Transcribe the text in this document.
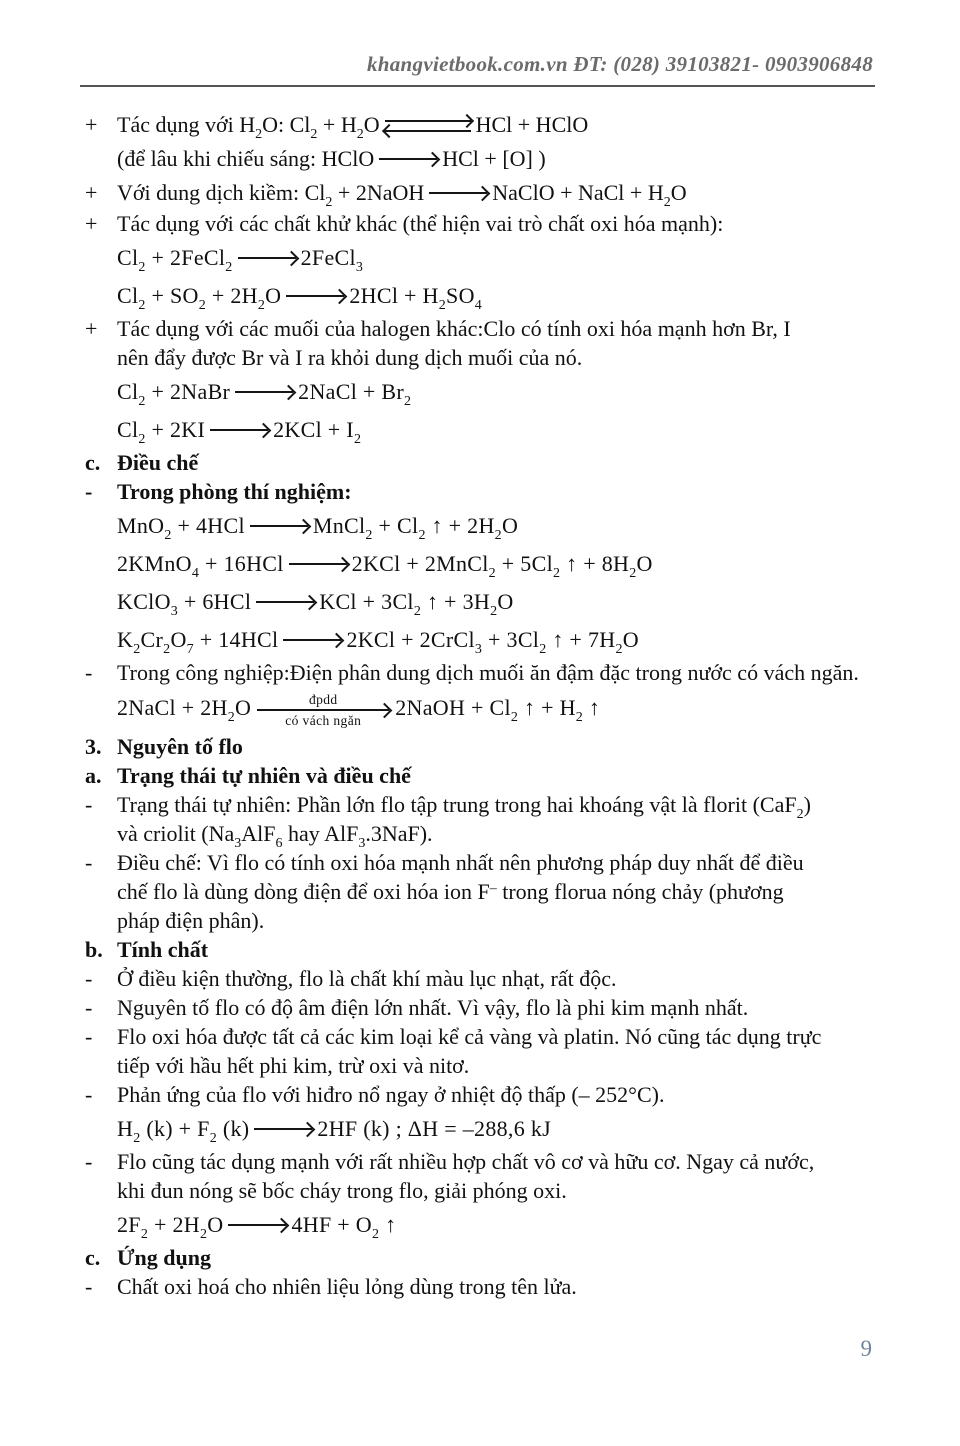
khangvietbook.com.vn ĐT: (028) 39103821- 0903906848
+ Tác dụng với $H_2O$: $Cl_2 + H_2O$	HCl + HClO
(để lâu khi chiếu sáng: HClO	HCl + [O] )
+ Với dung dịch kiềm: $Cl_2$ + 2NaOH	NaClO + NaCl + $H_2O$
+ Tác dụng với các chất khử khác (thể hiện vai trò chất oxi hóa mạnh):
$Cl_2$ + 2FeCl$_2$	2FeCl$_3$
$Cl_2 + SO_2 + 2H_2O$	$2HCl + H_2SO_4$
+ Tác dụng với các muối của halogen khác:Clo có tính oxi hóa mạnh hơn Br, I
nên đẩy được Br và I ra khỏi dung dịch muối của nó.
$Cl_2$ + 2NaBr	2NaCl + $Br_2$
$Cl_2 + 2KI$	$2KCl + I_2$
c. Điều chế
- Trong phòng thí nghiệm:
MnO$_2$ + 4HCl	MnCl$_2$ + $Cl_2$ ↑ + $2H_2O$
2KMnO$_4$ + 16HCl	2KCl + 2MnCl$_2$ + $5Cl_2$ ↑ + $8H_2O$
KClO$_3$ + 6HCl	KCl + $3Cl_2$ ↑ + $3H_2O$
$K_2Cr_2O_7 + 14HCl$	2KCl + 2CrCl$_3$ + $3Cl_2$ ↑ + $7H_2O$
- Trong công nghiệp:Điện phân dung dịch muối ăn đậm đặc trong nước có vách ngăn.
2NaCl + $2H_2O$	đpdd
có vách ngăn
2NaOH + $Cl_2$ ↑ + $H_2$ ↑
3. Nguyên tố flo
a. Trạng thái tự nhiên và điều chế
- Trạng thái tự nhiên: Phần lớn flo tập trung trong hai khoáng vật là florit (CaF$_2$)
và criolit ($Na_3AlF_6$ hay AlF$_3$.3NaF).
- Điều chế: Vì flo có tính oxi hóa mạnh nhất nên phương pháp duy nhất để điều
chế flo là dùng dòng điện để oxi hóa ion F– trong florua nóng chảy (phương
pháp điện phân).
b. Tính chất
- Ở điều kiện thường, flo là chất khí màu lục nhạt, rất độc.
- Nguyên tố flo có độ âm điện lớn nhất. Vì vậy, flo là phi kim mạnh nhất.
- Flo oxi hóa được tất cả các kim loại kể cả vàng và platin. Nó cũng tác dụng trực
tiếp với hầu hết phi kim, trừ oxi và nitơ.
- Phản ứng của flo với hiđro nổ ngay ở nhiệt độ thấp (– 252°C).
$H_2$ $(k) + F_2$ (k)	2HF (k) ; ΔH = –288,6 kJ
- Flo cũng tác dụng mạnh với rất nhiều hợp chất vô cơ và hữu cơ. Ngay cả nước,
khi đun nóng sẽ bốc cháy trong flo, giải phóng oxi.
$2F_2 + 2H_2O$	$4HF + O_2$ ↑
c. Ứng dụng
- Chất oxi hoá cho nhiên liệu lỏng dùng trong tên lửa.
9
